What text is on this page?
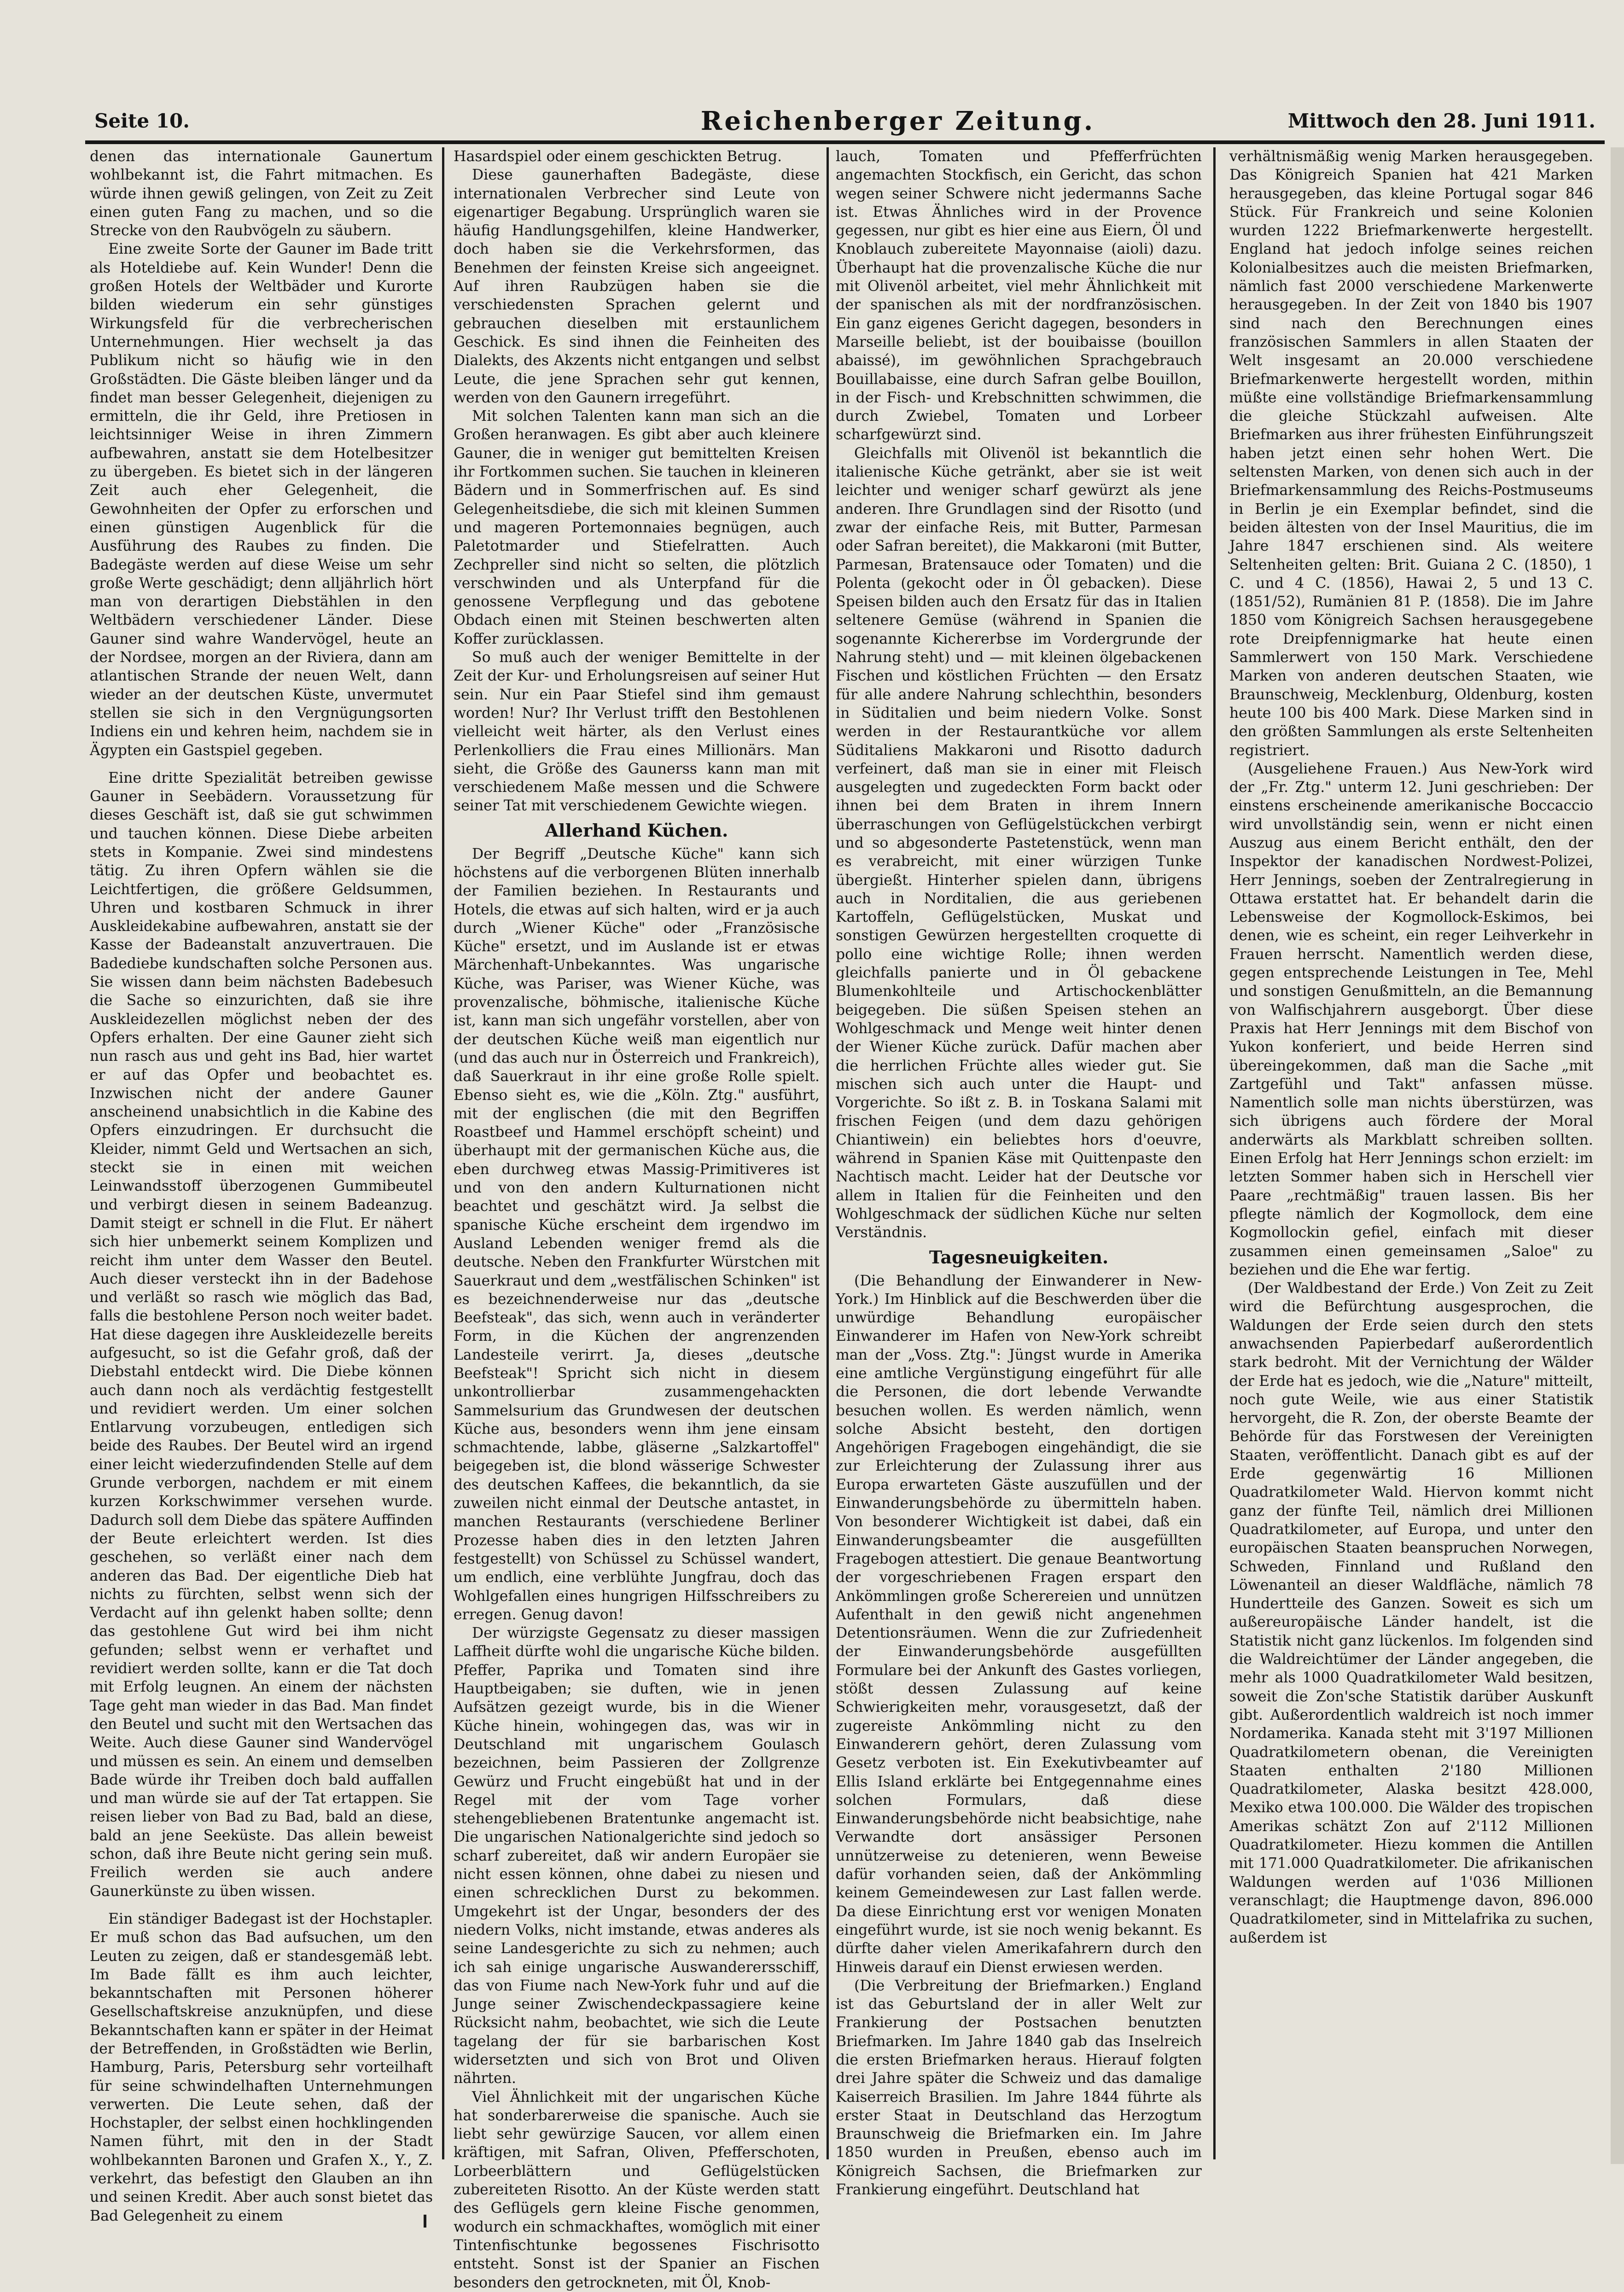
Seite 10.	Reichenberger Zeitung.	Mittwoch den 28. Juni 1911.

denen das internationale Gaunertum wohlbekannt ist, die Fahrt mitmachen. Es würde ihnen gewiß gelingen, von Zeit zu Zeit einen guten Fang zu machen, und so die Strecke von den Raubvögeln zu säubern.

Eine zweite Sorte der Gauner im Bade tritt als Hoteldiebe auf. Kein Wunder! Denn die großen Hotels der Weltbäder und Kurorte bilden wiederum ein sehr günstiges Wirkungsfeld für die verbrecherischen Unternehmungen. Hier wechselt ja das Publikum nicht so häufig wie in den Großstädten. Die Gäste bleiben länger und da findet man besser Gelegenheit, diejenigen zu ermitteln, die ihr Geld, ihre Pretiosen in leichtsinniger Weise in ihren Zimmern aufbewahren, anstatt sie dem Hotelbesitzer zu übergeben. Es bietet sich in der längeren Zeit auch eher Gelegenheit, die Gewohnheiten der Opfer zu erforschen und einen günstigen Augenblick für die Ausführung des Raubes zu finden. Die Badegäste werden auf diese Weise um sehr große Werte geschädigt; denn alljährlich hört man von derartigen Diebstählen in den Weltbädern verschiedener Länder. Diese Gauner sind wahre Wandervögel, heute an der Nordsee, morgen an der Riviera, dann am atlantischen Strande der neuen Welt, dann wieder an der deutschen Küste, unvermutet stellen sie sich in den Vergnügungsorten Indiens ein und kehren heim, nachdem sie in Ägypten ein Gastspiel gegeben.

Eine dritte Spezialität betreiben gewisse Gauner in Seebädern. Voraussetzung für dieses Geschäft ist, daß sie gut schwimmen und tauchen können. Diese Diebe arbeiten stets in Kompanie. Zwei sind mindestens tätig. Zu ihren Opfern wählen sie die Leichtfertigen, die größere Geldsummen, Uhren und kostbaren Schmuck in ihrer Auskleidekabine aufbewahren, anstatt sie der Kasse der Badeanstalt anzuvertrauen. Die Badediebe kundschaften solche Personen aus. Sie wissen dann beim nächsten Badebesuch die Sache so einzurichten, daß sie ihre Auskleidezellen möglichst neben der des Opfers erhalten. Der eine Gauner zieht sich nun rasch aus und geht ins Bad, hier wartet er auf das Opfer und beobachtet es. Inzwischen nicht der andere Gauner anscheinend unabsichtlich in die Kabine des Opfers einzudringen. Er durchsucht die Kleider, nimmt Geld und Wertsachen an sich, steckt sie in einen mit weichen Leinwandsstoff überzogenen Gummibeutel und verbirgt diesen in seinem Badeanzug. Damit steigt er schnell in die Flut. Er nähert sich hier unbemerkt seinem Komplizen und reicht ihm unter dem Wasser den Beutel. Auch dieser versteckt ihn in der Badehose und verläßt so rasch wie möglich das Bad, falls die bestohlene Person noch weiter badet. Hat diese dagegen ihre Auskleidezelle bereits aufgesucht, so ist die Gefahr groß, daß der Diebstahl entdeckt wird. Die Diebe können auch dann noch als verdächtig festgestellt und revidiert werden. Um einer solchen Entlarvung vorzubeugen, entledigen sich beide des Raubes. Der Beutel wird an irgend einer leicht wiederzufindenden Stelle auf dem Grunde verborgen, nachdem er mit einem kurzen Korkschwimmer versehen wurde. Dadurch soll dem Diebe das spätere Auffinden der Beute erleichtert werden. Ist dies geschehen, so verläßt einer nach dem anderen das Bad. Der eigentliche Dieb hat nichts zu fürchten, selbst wenn sich der Verdacht auf ihn gelenkt haben sollte; denn das gestohlene Gut wird bei ihm nicht gefunden; selbst wenn er verhaftet und revidiert werden sollte, kann er die Tat doch mit Erfolg leugnen. An einem der nächsten Tage geht man wieder in das Bad. Man findet den Beutel und sucht mit den Wertsachen das Weite. Auch diese Gauner sind Wandervögel und müssen es sein. An einem und demselben Bade würde ihr Treiben doch bald auffallen und man würde sie auf der Tat ertappen. Sie reisen lieber von Bad zu Bad, bald an diese, bald an jene Seeküste. Das allein beweist schon, daß ihre Beute nicht gering sein muß. Freilich werden sie auch andere Gaunerkünste zu üben wissen.

Ein ständiger Badegast ist der Hochstapler. Er muß schon das Bad aufsuchen, um den Leuten zu zeigen, daß er standesgemäß lebt. Im Bade fällt es ihm auch leichter, bekanntschaften mit Personen höherer Gesellschaftskreise anzuknüpfen, und diese Bekanntschaften kann er später in der Heimat der Betreffenden, in Großstädten wie Berlin, Hamburg, Paris, Petersburg sehr vorteilhaft für seine schwindelhaften Unternehmungen verwerten. Die Leute sehen, daß der Hochstapler, der selbst einen hochklingenden Namen führt, mit den in der Stadt wohlbekannten Baronen und Grafen X., Y., Z. verkehrt, das befestigt den Glauben an ihn und seinen Kredit. Aber auch sonst bietet das Bad Gelegenheit zu einem

Hasardspiel oder einem geschickten Betrug.

Diese gaunerhaften Badegäste, diese internationalen Verbrecher sind Leute von eigenartiger Begabung. Ursprünglich waren sie häufig Handlungsgehilfen, kleine Handwerker, doch haben sie die Verkehrsformen, das Benehmen der feinsten Kreise sich angeeignet. Auf ihren Raubzügen haben sie die verschiedensten Sprachen gelernt und gebrauchen dieselben mit erstaunlichem Geschick. Es sind ihnen die Feinheiten des Dialekts, des Akzents nicht entgangen und selbst Leute, die jene Sprachen sehr gut kennen, werden von den Gaunern irregeführt.

Mit solchen Talenten kann man sich an die Großen heranwagen. Es gibt aber auch kleinere Gauner, die in weniger gut bemittelten Kreisen ihr Fortkommen suchen. Sie tauchen in kleineren Bädern und in Sommerfrischen auf. Es sind Gelegenheitsdiebe, die sich mit kleinen Summen und mageren Portemonnaies begnügen, auch Paletotmarder und Stiefelratten. Auch Zechpreller sind nicht so selten, die plötzlich verschwinden und als Unterpfand für die genossene Verpflegung und das gebotene Obdach einen mit Steinen beschwerten alten Koffer zurücklassen.

So muß auch der weniger Bemittelte in der Zeit der Kur- und Erholungsreisen auf seiner Hut sein. Nur ein Paar Stiefel sind ihm gemaust worden! Nur? Ihr Verlust trifft den Bestohlenen vielleicht weit härter, als den Verlust eines Perlenkolliers die Frau eines Millionärs. Man sieht, die Größe des Gaunerss kann man mit verschiedenem Maße messen und die Schwere seiner Tat mit verschiedenem Gewichte wiegen.

Allerhand Küchen.

Der Begriff „Deutsche Küche" kann sich höchstens auf die verborgenen Blüten innerhalb der Familien beziehen. In Restaurants und Hotels, die etwas auf sich halten, wird er ja auch durch „Wiener Küche" oder „Französische Küche" ersetzt, und im Auslande ist er etwas Märchenhaft-Unbekanntes. Was ungarische Küche, was Pariser, was Wiener Küche, was provenzalische, böhmische, italienische Küche ist, kann man sich ungefähr vorstellen, aber von der deutschen Küche weiß man eigentlich nur (und das auch nur in Österreich und Frankreich), daß Sauerkraut in ihr eine große Rolle spielt. Ebenso sieht es, wie die „Köln. Ztg." ausführt, mit der englischen (die mit den Begriffen Roastbeef und Hammel erschöpft scheint) und überhaupt mit der germanischen Küche aus, die eben durchweg etwas Massig-Primitiveres ist und von den andern Kulturnationen nicht beachtet und geschätzt wird. Ja selbst die spanische Küche erscheint dem irgendwo im Ausland Lebenden weniger fremd als die deutsche. Neben den Frankfurter Würstchen mit Sauerkraut und dem „westfälischen Schinken" ist es bezeichnenderweise nur das „deutsche Beefsteak", das sich, wenn auch in veränderter Form, in die Küchen der angrenzenden Landesteile verirrt. Ja, dieses „deutsche Beefsteak"! Spricht sich nicht in diesem unkontrollierbar zusammengehackten Sammelsurium das Grundwesen der deutschen Küche aus, besonders wenn ihm jene einsam schmachtende, labbe, gläserne „Salzkartoffel" beigegeben ist, die blond wässerige Schwester des deutschen Kaffees, die bekanntlich, da sie zuweilen nicht einmal der Deutsche antastet, in manchen Restaurants (verschiedene Berliner Prozesse haben dies in den letzten Jahren festgestellt) von Schüssel zu Schüssel wandert, um endlich, eine verblühte Jungfrau, doch das Wohlgefallen eines hungrigen Hilfsschreibers zu erregen. Genug davon!

Der würzigste Gegensatz zu dieser massigen Laffheit dürfte wohl die ungarische Küche bilden. Pfeffer, Paprika und Tomaten sind ihre Hauptbeigaben; sie duften, wie in jenen Aufsätzen gezeigt wurde, bis in die Wiener Küche hinein, wohingegen das, was wir in Deutschland mit ungarischem Goulasch bezeichnen, beim Passieren der Zollgrenze Gewürz und Frucht eingebüßt hat und in der Regel mit der vom Tage vorher stehengebliebenen Bratentunke angemacht ist. Die ungarischen Nationalgerichte sind jedoch so scharf zubereitet, daß wir andern Europäer sie nicht essen können, ohne dabei zu niesen und einen schrecklichen Durst zu bekommen. Umgekehrt ist der Ungar, besonders der des niedern Volks, nicht imstande, etwas anderes als seine Landesgerichte zu sich zu nehmen; auch ich sah einige ungarische Auswanderersschiff, das von Fiume nach New-York fuhr und auf die Junge seiner Zwischendeckpassagiere keine Rücksicht nahm, beobachtet, wie sich die Leute tagelang der für sie barbarischen Kost widersetzten und sich von Brot und Oliven nährten.

Viel Ähnlichkeit mit der ungarischen Küche hat sonderbarerweise die spanische. Auch sie liebt sehr gewürzige Saucen, vor allem einen kräftigen, mit Safran, Oliven, Pfefferschoten, Lorbeerblättern und Geflügelstücken zubereiteten Risotto. An der Küste werden statt des Geflügels gern kleine Fische genommen, wodurch ein schmackhaftes, womöglich mit einer Tintenfischtunke begossenes Fischrisotto entsteht. Sonst ist der Spanier an Fischen besonders den getrockneten, mit Öl, Knob-

lauch, Tomaten und Pfefferfrüchten angemachten Stockfisch, ein Gericht, das schon wegen seiner Schwere nicht jedermanns Sache ist. Etwas Ähnliches wird in der Provence gegessen, nur gibt es hier eine aus Eiern, Öl und Knoblauch zubereitete Mayonnaise (aioli) dazu. Überhaupt hat die provenzalische Küche die nur mit Olivenöl arbeitet, viel mehr Ähnlichkeit mit der spanischen als mit der nordfranzösischen. Ein ganz eigenes Gericht dagegen, besonders in Marseille beliebt, ist der bouibaisse (bouillon abaissé), im gewöhnlichen Sprachgebrauch Bouillabaisse, eine durch Safran gelbe Bouillon, in der Fisch- und Krebschnitten schwimmen, die durch Zwiebel, Tomaten und Lorbeer scharfgewürzt sind.

Gleichfalls mit Olivenöl ist bekanntlich die italienische Küche getränkt, aber sie ist weit leichter und weniger scharf gewürzt als jene anderen. Ihre Grundlagen sind der Risotto (und zwar der einfache Reis, mit Butter, Parmesan oder Safran bereitet), die Makkaroni (mit Butter, Parmesan, Bratensauce oder Tomaten) und die Polenta (gekocht oder in Öl gebacken). Diese Speisen bilden auch den Ersatz für das in Italien seltenere Gemüse (während in Spanien die sogenannte Kichererbse im Vordergrunde der Nahrung steht) und — mit kleinen ölgebackenen Fischen und köstlichen Früchten — den Ersatz für alle andere Nahrung schlechthin, besonders in Süditalien und beim niedern Volke. Sonst werden in der Restaurantküche vor allem Süditaliens Makkaroni und Risotto dadurch verfeinert, daß man sie in einer mit Fleisch ausgelegten und zugedeckten Form backt oder ihnen bei dem Braten in ihrem Innern überraschungen von Geflügelstückchen verbirgt und so abgesonderte Pastetenstück, wenn man es verabreicht, mit einer würzigen Tunke übergießt. Hinterher spielen dann, übrigens auch in Norditalien, die aus geriebenen Kartoffeln, Geflügelstücken, Muskat und sonstigen Gewürzen hergestellten croquette di pollo eine wichtige Rolle; ihnen werden gleichfalls panierte und in Öl gebackene Blumenkohlteile und Artischockenblätter beigegeben. Die süßen Speisen stehen an Wohlgeschmack und Menge weit hinter denen der Wiener Küche zurück. Dafür machen aber die herrlichen Früchte alles wieder gut. Sie mischen sich auch unter die Haupt- und Vorgerichte. So ißt z. B. in Toskana Salami mit frischen Feigen (und dem dazu gehörigen Chiantiwein) ein beliebtes hors d'oeuvre, während in Spanien Käse mit Quittenpaste den Nachtisch macht. Leider hat der Deutsche vor allem in Italien für die Feinheiten und den Wohlgeschmack der südlichen Küche nur selten Verständnis.

Tagesneuigkeiten.

(Die Behandlung der Einwanderer in New-York.) Im Hinblick auf die Beschwerden über die unwürdige Behandlung europäischer Einwanderer im Hafen von New-York schreibt man der „Voss. Ztg.": Jüngst wurde in Amerika eine amtliche Vergünstigung eingeführt für alle die Personen, die dort lebende Verwandte besuchen wollen. Es werden nämlich, wenn solche Absicht besteht, den dortigen Angehörigen Fragebogen eingehändigt, die sie zur Erleichterung der Zulassung ihrer aus Europa erwarteten Gäste auszufüllen und der Einwanderungsbehörde zu übermitteln haben. Von besonderer Wichtigkeit ist dabei, daß ein Einwanderungsbeamter die ausgefüllten Fragebogen attestiert. Die genaue Beantwortung der vorgeschriebenen Fragen erspart den Ankömmlingen große Scherereien und unnützen Aufenthalt in den gewiß nicht angenehmen Detentionsräumen. Wenn die zur Zufriedenheit der Einwanderungsbehörde ausgefüllten Formulare bei der Ankunft des Gastes vorliegen, stößt dessen Zulassung auf keine Schwierigkeiten mehr, vorausgesetzt, daß der zugereiste Ankömmling nicht zu den Einwanderern gehört, deren Zulassung vom Gesetz verboten ist. Ein Exekutivbeamter auf Ellis Island erklärte bei Entgegennahme eines solchen Formulars, daß diese Einwanderungsbehörde nicht beabsichtige, nahe Verwandte dort ansässiger Personen unnützerweise zu detenieren, wenn Beweise dafür vorhanden seien, daß der Ankömmling keinem Gemeindewesen zur Last fallen werde. Da diese Einrichtung erst vor wenigen Monaten eingeführt wurde, ist sie noch wenig bekannt. Es dürfte daher vielen Amerikafahrern durch den Hinweis darauf ein Dienst erwiesen werden.

(Die Verbreitung der Briefmarken.) England ist das Geburtsland der in aller Welt zur Frankierung der Postsachen benutzten Briefmarken. Im Jahre 1840 gab das Inselreich die ersten Briefmarken heraus. Hierauf folgten drei Jahre später die Schweiz und das damalige Kaiserreich Brasilien. Im Jahre 1844 führte als erster Staat in Deutschland das Herzogtum Braunschweig die Briefmarken ein. Im Jahre 1850 wurden in Preußen, ebenso auch im Königreich Sachsen, die Briefmarken zur Frankierung eingeführt. Deutschland hat

verhältnismäßig wenig Marken herausgegeben. Das Königreich Spanien hat 421 Marken herausgegeben, das kleine Portugal sogar 846 Stück. Für Frankreich und seine Kolonien wurden 1222 Briefmarkenwerte hergestellt. England hat jedoch infolge seines reichen Kolonialbesitzes auch die meisten Briefmarken, nämlich fast 2000 verschiedene Markenwerte herausgegeben. In der Zeit von 1840 bis 1907 sind nach den Berechnungen eines französischen Sammlers in allen Staaten der Welt insgesamt an 20.000 verschiedene Briefmarkenwerte hergestellt worden, mithin müßte eine vollständige Briefmarkensammlung die gleiche Stückzahl aufweisen. Alte Briefmarken aus ihrer frühesten Einführungszeit haben jetzt einen sehr hohen Wert. Die seltensten Marken, von denen sich auch in der Briefmarkensammlung des Reichs-Postmuseums in Berlin je ein Exemplar befindet, sind die beiden ältesten von der Insel Mauritius, die im Jahre 1847 erschienen sind. Als weitere Seltenheiten gelten: Brit. Guiana 2 C. (1850), 1 C. und 4 C. (1856), Hawai 2, 5 und 13 C. (1851/52), Rumänien 81 P. (1858). Die im Jahre 1850 vom Königreich Sachsen herausgegebene rote Dreipfennigmarke hat heute einen Sammlerwert von 150 Mark. Verschiedene Marken von anderen deutschen Staaten, wie Braunschweig, Mecklenburg, Oldenburg, kosten heute 100 bis 400 Mark. Diese Marken sind in den größten Sammlungen als erste Seltenheiten registriert.

(Ausgeliehene Frauen.) Aus New-York wird der „Fr. Ztg." unterm 12. Juni geschrieben: Der einstens erscheinende amerikanische Boccaccio wird unvollständig sein, wenn er nicht einen Auszug aus einem Bericht enthält, den der Inspektor der kanadischen Nordwest-Polizei, Herr Jennings, soeben der Zentralregierung in Ottawa erstattet hat. Er behandelt darin die Lebensweise der Kogmollock-Eskimos, bei denen, wie es scheint, ein reger Leihverkehr in Frauen herrscht. Namentlich werden diese, gegen entsprechende Leistungen in Tee, Mehl und sonstigen Genußmitteln, an die Bemannung von Walfischjahrern ausgeborgt. Über diese Praxis hat Herr Jennings mit dem Bischof von Yukon konferiert, und beide Herren sind übereingekommen, daß man die Sache „mit Zartgefühl und Takt" anfassen müsse. Namentlich solle man nichts überstürzen, was sich übrigens auch fördere der Moral anderwärts als Markblatt schreiben sollten. Einen Erfolg hat Herr Jennings schon erzielt: im letzten Sommer haben sich in Herschell vier Paare „rechtmäßig" trauen lassen. Bis her pflegte nämlich der Kogmollock, dem eine Kogmollockin gefiel, einfach mit dieser zusammen einen gemeinsamen „Saloe" zu beziehen und die Ehe war fertig.

(Der Waldbestand der Erde.) Von Zeit zu Zeit wird die Befürchtung ausgesprochen, die Waldungen der Erde seien durch den stets anwachsenden Papierbedarf außerordentlich stark bedroht. Mit der Vernichtung der Wälder der Erde hat es jedoch, wie die „Nature" mitteilt, noch gute Weile, wie aus einer Statistik hervorgeht, die R. Zon, der oberste Beamte der Behörde für das Forstwesen der Vereinigten Staaten, veröffentlicht. Danach gibt es auf der Erde gegenwärtig 16 Millionen Quadratkilometer Wald. Hiervon kommt nicht ganz der fünfte Teil, nämlich drei Millionen Quadratkilometer, auf Europa, und unter den europäischen Staaten beanspruchen Norwegen, Schweden, Finnland und Rußland den Löwenanteil an dieser Waldfläche, nämlich 78 Hundertteile des Ganzen. Soweit es sich um außereuropäische Länder handelt, ist die Statistik nicht ganz lückenlos. Im folgenden sind die Waldreichtümer der Länder angegeben, die mehr als 1000 Quadratkilometer Wald besitzen, soweit die Zon'sche Statistik darüber Auskunft gibt. Außerordentlich waldreich ist noch immer Nordamerika. Kanada steht mit 3'197 Millionen Quadratkilometern obenan, die Vereinigten Staaten enthalten 2'180 Millionen Quadratkilometer, Alaska besitzt 428.000, Mexiko etwa 100.000. Die Wälder des tropischen Amerikas schätzt Zon auf 2'112 Millionen Quadratkilometer. Hiezu kommen die Antillen mit 171.000 Quadratkilometer. Die afrikanischen Waldungen werden auf 1'036 Millionen veranschlagt; die Hauptmenge davon, 896.000 Quadratkilometer, sind in Mittelafrika zu suchen, außerdem ist
